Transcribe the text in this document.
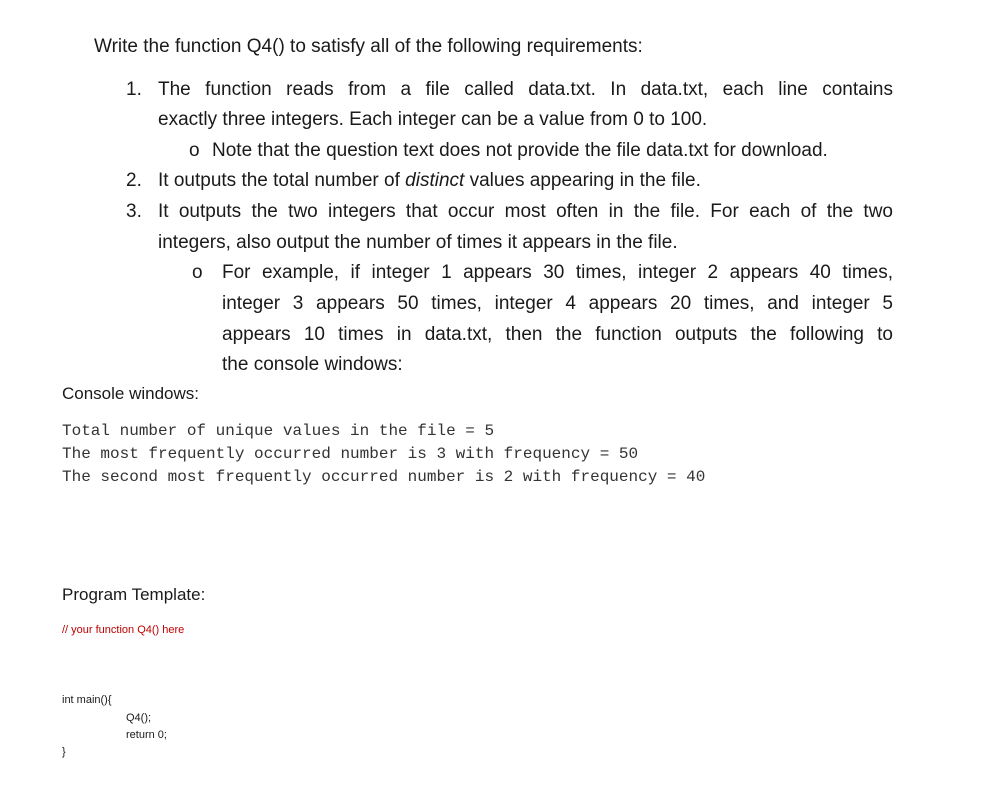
Write the function Q4() to satisfy all of the following requirements:
1. The function reads from a file called data.txt. In data.txt, each line contains
exactly three integers. Each integer can be a value from 0 to 100.
o Note that the question text does not provide the file data.txt for download.
2. It outputs the total number of distinct values appearing in the file.
3. It outputs the two integers that occur most often in the file. For each of the two
integers, also output the number of times it appears in the file.
o For example, if integer 1 appears 30 times, integer 2 appears 40 times,
integer 3 appears 50 times, integer 4 appears 20 times, and integer 5
appears 10 times in data.txt, then the function outputs the following to
the console windows:
Console windows:
Total number of unique values in the file = 5
The most frequently occurred number is 3 with frequency = 50
The second most frequently occurred number is 2 with frequency = 40
Program Template:
// your function Q4() here
int main(){
Q4();
return 0;
}
